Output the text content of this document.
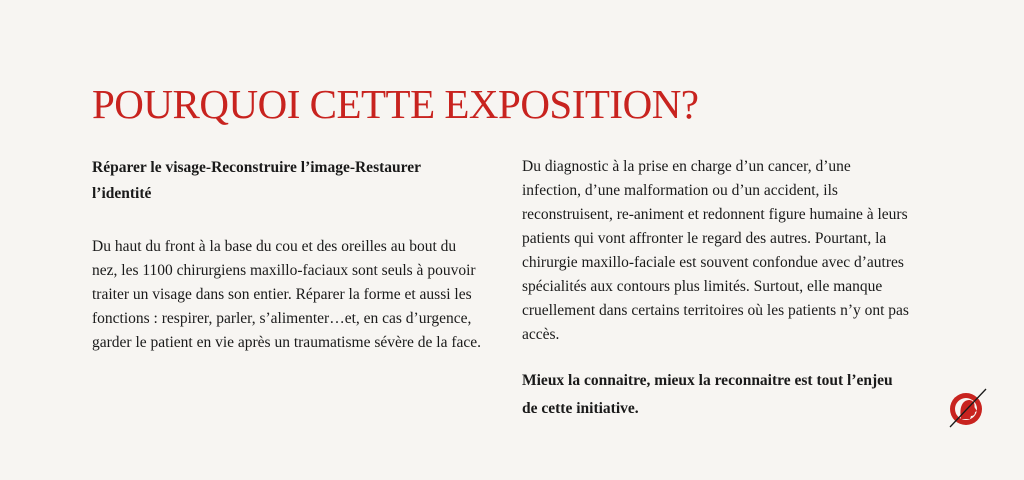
POURQUOI CETTE EXPOSITION?

Réparer le visage-Reconstruire l’image-Restaurer l’identité

Du haut du front à la base du cou et des oreilles au bout du nez, les 1100 chirurgiens maxillo-faciaux sont seuls à pouvoir traiter un visage dans son entier. Réparer la forme et aussi les fonctions : respirer, parler, s’alimenter…et, en cas d’urgence, garder le patient en vie après un traumatisme sévère de la face.

Du diagnostic à la prise en charge d’un cancer, d’une infection, d’une malformation ou d’un accident, ils reconstruisent, re-animent et redonnent figure humaine à leurs patients qui vont affronter le regard des autres. Pourtant, la chirurgie maxillo-faciale est souvent confondue avec d’autres spécialités aux contours plus limités. Surtout, elle manque cruellement dans certains territoires où les patients n’y ont pas accès.

Mieux la connaitre, mieux la reconnaitre est tout l’enjeu de cette initiative.
